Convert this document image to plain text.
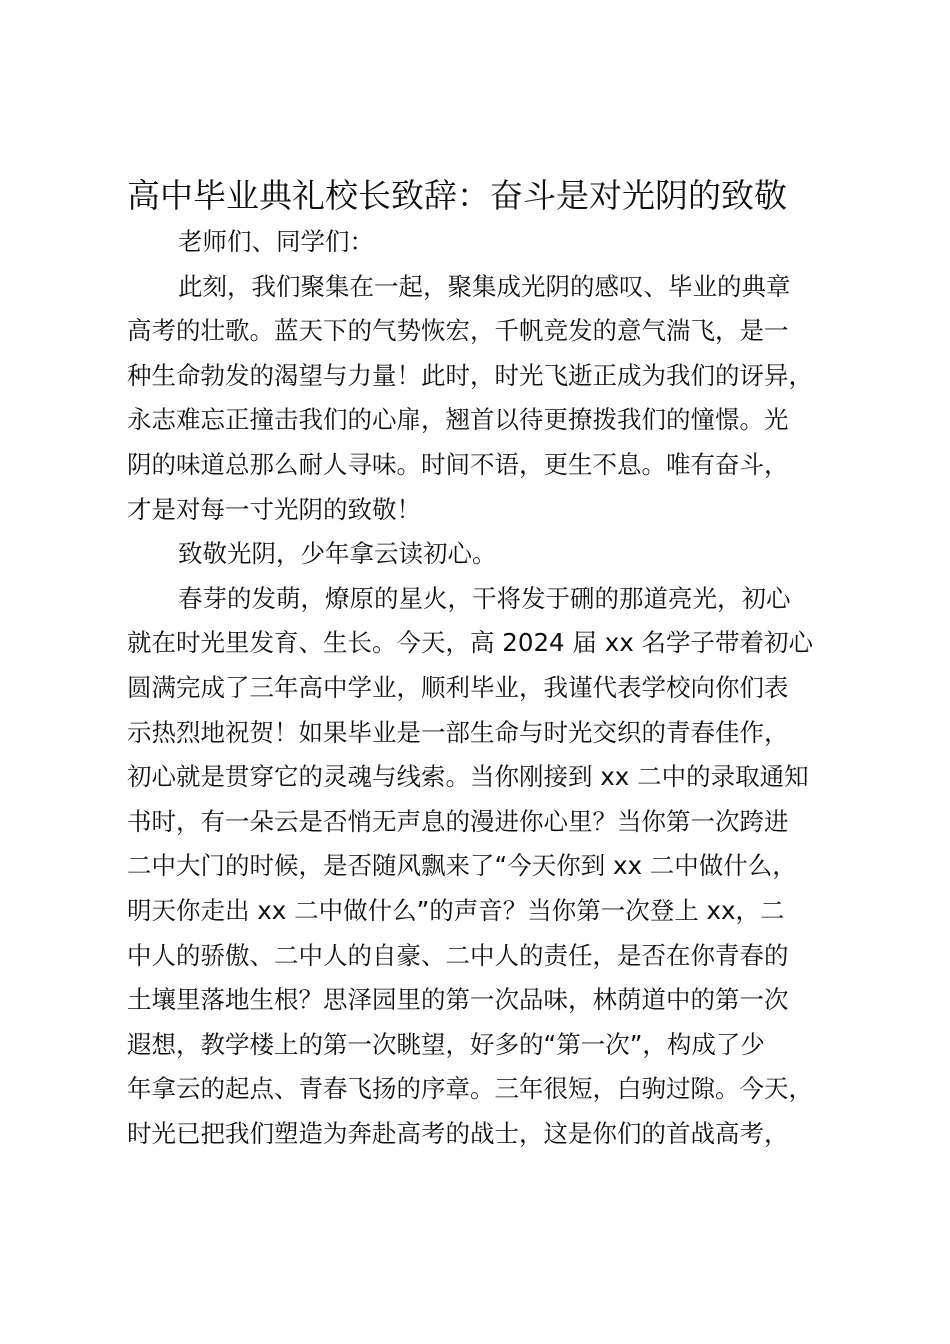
高中毕业典礼校长致辞：奋斗是对光阴的致敬

老师们、同学们：

此刻，我们聚集在一起，聚集成光阴的感叹、毕业的典章

高考的壮歌。蓝天下的气势恢宏，千帆竞发的意气湍飞，是一

种生命勃发的渴望与力量！此时，时光飞逝正成为我们的讶异，

永志难忘正撞击我们的心扉，翘首以待更撩拨我们的憧憬。光

阴的味道总那么耐人寻味。时间不语，更生不息。唯有奋斗，

才是对每一寸光阴的致敬！

致敬光阴，少年拿云读初心。

春芽的发萌，燎原的星火，干将发于硎的那道亮光，初心

就在时光里发育、生长。今天，高 2024 届 xx 名学子带着初心

圆满完成了三年高中学业，顺利毕业，我谨代表学校向你们表

示热烈地祝贺！如果毕业是一部生命与时光交织的青春佳作，

初心就是贯穿它的灵魂与线索。当你刚接到 xx 二中的录取通知

书时，有一朵云是否悄无声息的漫进你心里？当你第一次跨进

二中大门的时候，是否随风飘来了“今天你到 xx 二中做什么，

明天你走出 xx 二中做什么”的声音？当你第一次登上 xx，二

中人的骄傲、二中人的自豪、二中人的责任，是否在你青春的

土壤里落地生根？思泽园里的第一次品味，林荫道中的第一次

遐想，教学楼上的第一次眺望，好多的“第一次”，构成了少

年拿云的起点、青春飞扬的序章。三年很短，白驹过隙。今天，

时光已把我们塑造为奔赴高考的战士，这是你们的首战高考，
